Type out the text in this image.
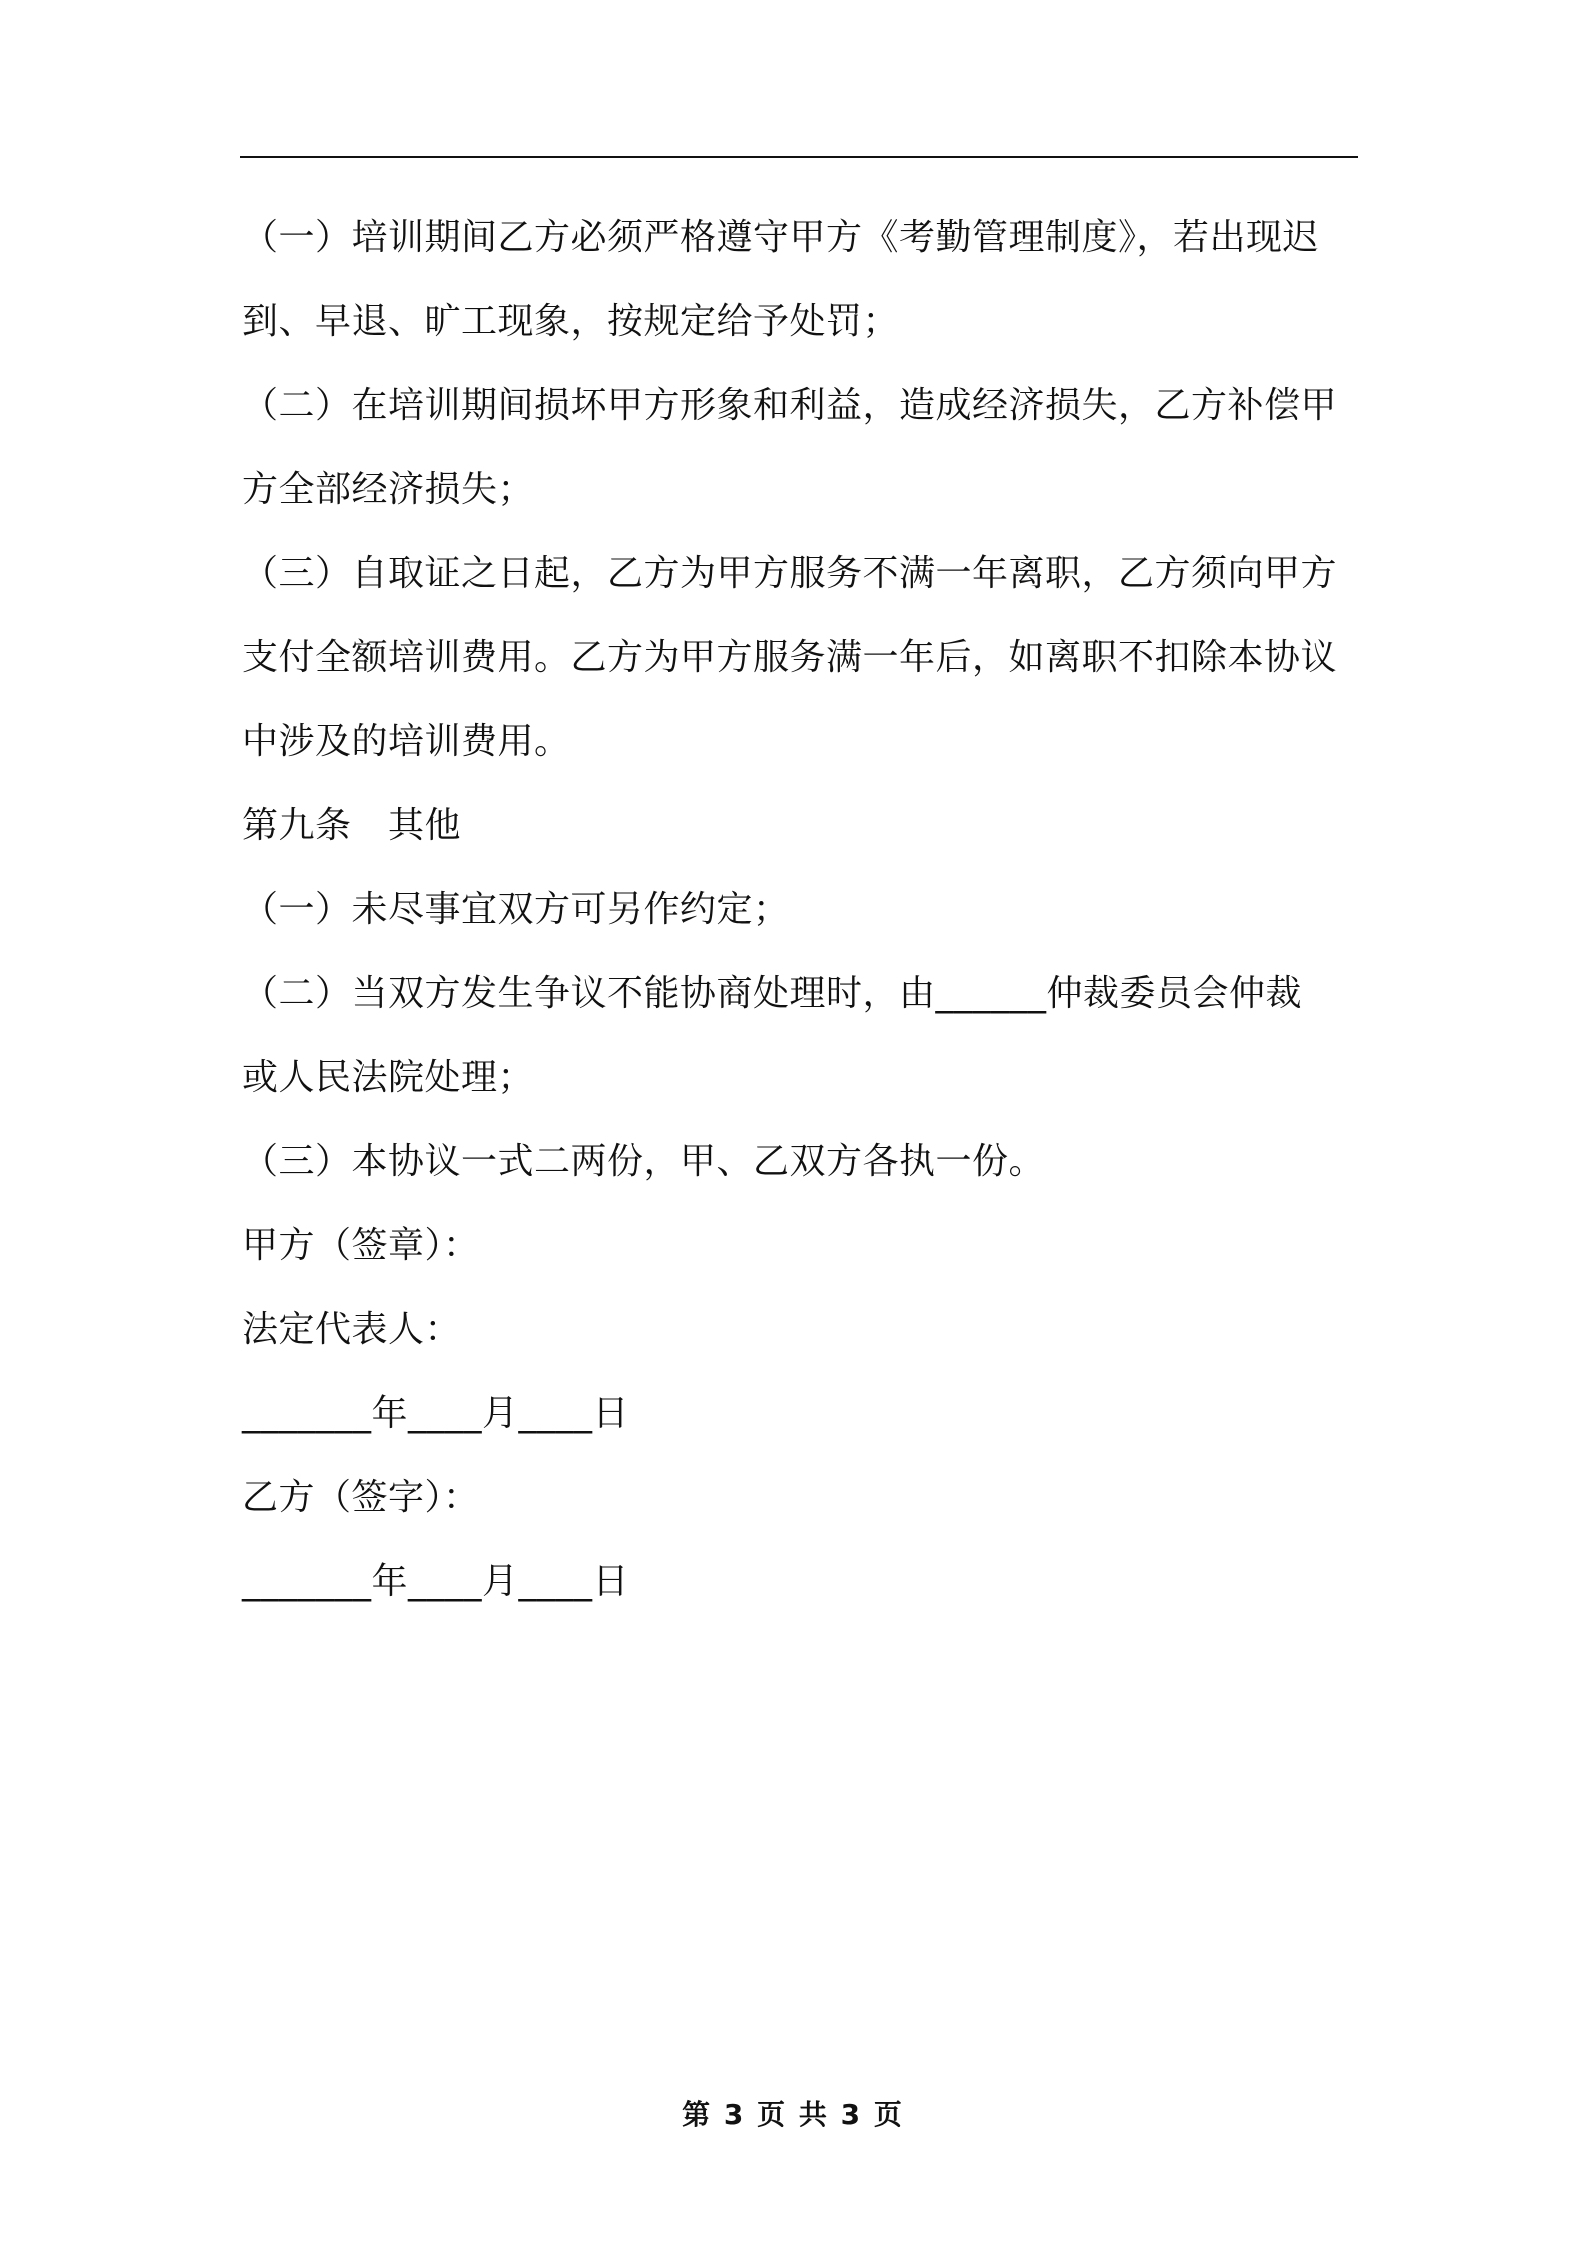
（一）培训期间乙方必须严格遵守甲方《考勤管理制度》，若出现迟
到、早退、旷工现象，按规定给予处罚；
（二）在培训期间损坏甲方形象和利益，造成经济损失，乙方补偿甲
方全部经济损失；
（三）自取证之日起，乙方为甲方服务不满一年离职，乙方须向甲方
支付全额培训费用。乙方为甲方服务满一年后，如离职不扣除本协议
中涉及的培训费用。
第九条　其他
（一）未尽事宜双方可另作约定；
（二）当双方发生争议不能协商处理时，由______仲裁委员会仲裁
或人民法院处理；
（三）本协议一式二两份，甲、乙双方各执一份。
甲方（签章）：
法定代表人：
_______年____月____日
乙方（签字）：
_______年____月____日
第 3 页 共 3 页
